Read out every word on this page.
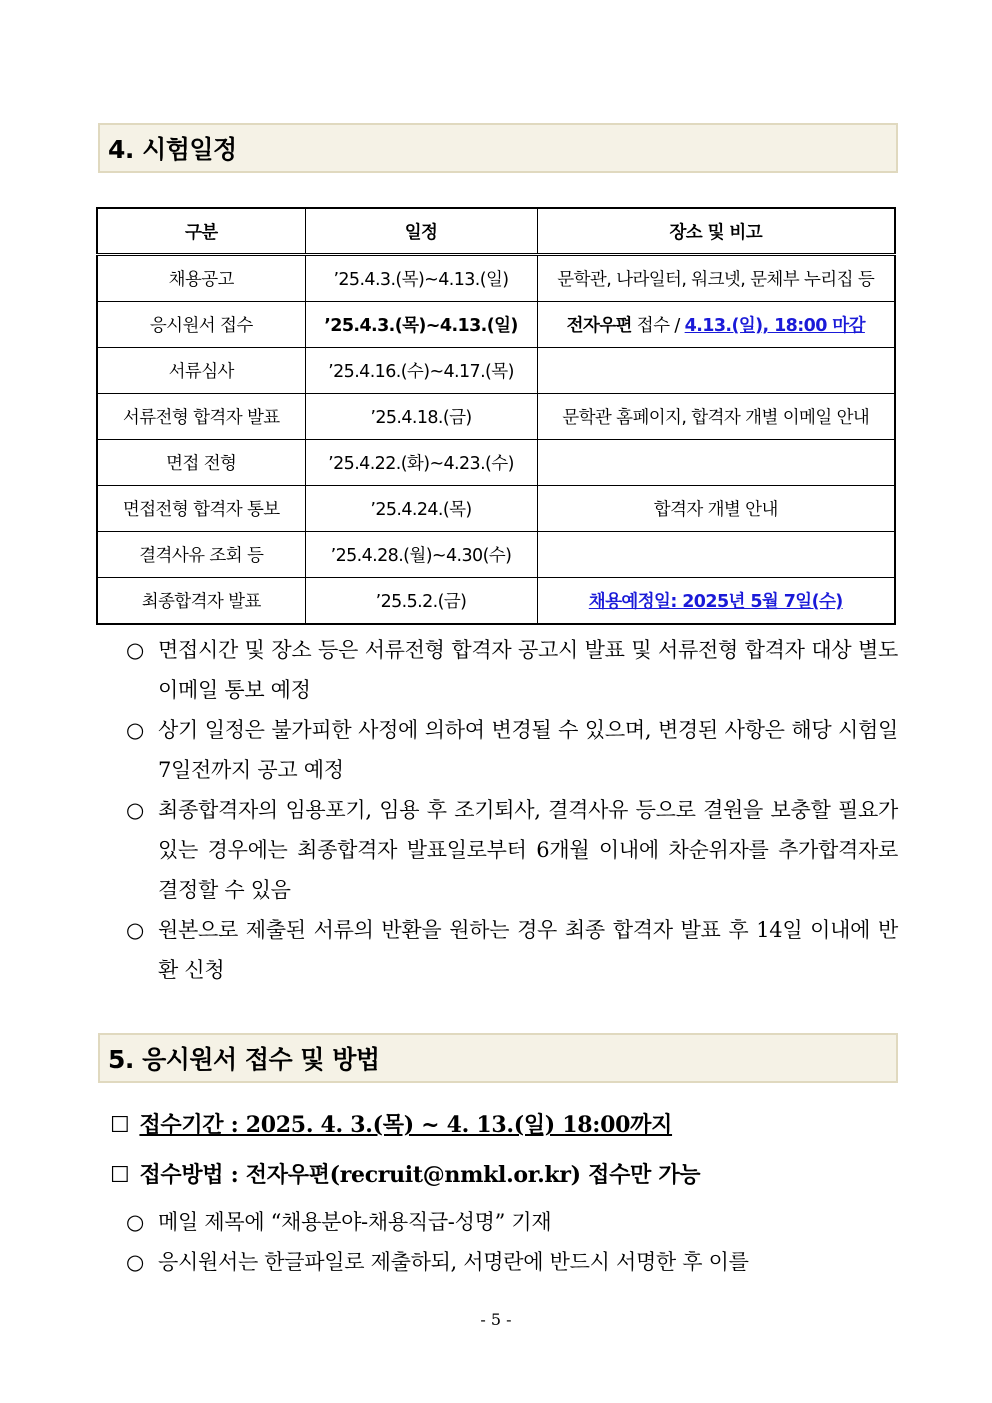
4. 시험일정
구분	일정	장소 및 비고
채용공고	’25.4.3.(목)~4.13.(일)	문학관, 나라일터, 워크넷, 문체부 누리집 등
응시원서 접수	’25.4.3.(목)~4.13.(일)	전자우편 접수 / 4.13.(일), 18:00 마감
서류심사	’25.4.16.(수)~4.17.(목)	
서류전형 합격자 발표	’25.4.18.(금)	문학관 홈페이지, 합격자 개별 이메일 안내
면접 전형	’25.4.22.(화)~4.23.(수)	
면접전형 합격자 통보	’25.4.24.(목)	합격자 개별 안내
결격사유 조회 등	’25.4.28.(월)~4.30(수)	
최종합격자 발표	’25.5.2.(금)	채용예정일: 2025년 5월 7일(수)
○ 면접시간 및 장소 등은 서류전형 합격자 공고시 발표 및 서류전형 합격자 대상 별도 이메일 통보 예정
○ 상기 일정은 불가피한 사정에 의하여 변경될 수 있으며, 변경된 사항은 해당 시험일 7일전까지 공고 예정
○ 최종합격자의 임용포기, 임용 후 조기퇴사, 결격사유 등으로 결원을 보충할 필요가 있는 경우에는 최종합격자 발표일로부터 6개월 이내에 차순위자를 추가합격자로 결정할 수 있음
○ 원본으로 제출된 서류의 반환을 원하는 경우 최종 합격자 발표 후 14일 이내에 반환 신청
5. 응시원서 접수 및 방법
☐ 접수기간 : 2025. 4. 3.(목) ~ 4. 13.(일) 18:00까지
☐ 접수방법 : 전자우편(recruit@nmkl.or.kr) 접수만 가능
○ 메일 제목에 “채용분야-채용직급-성명” 기재
○ 응시원서는 한글파일로 제출하되, 서명란에 반드시 서명한 후 이를
- 5 -
